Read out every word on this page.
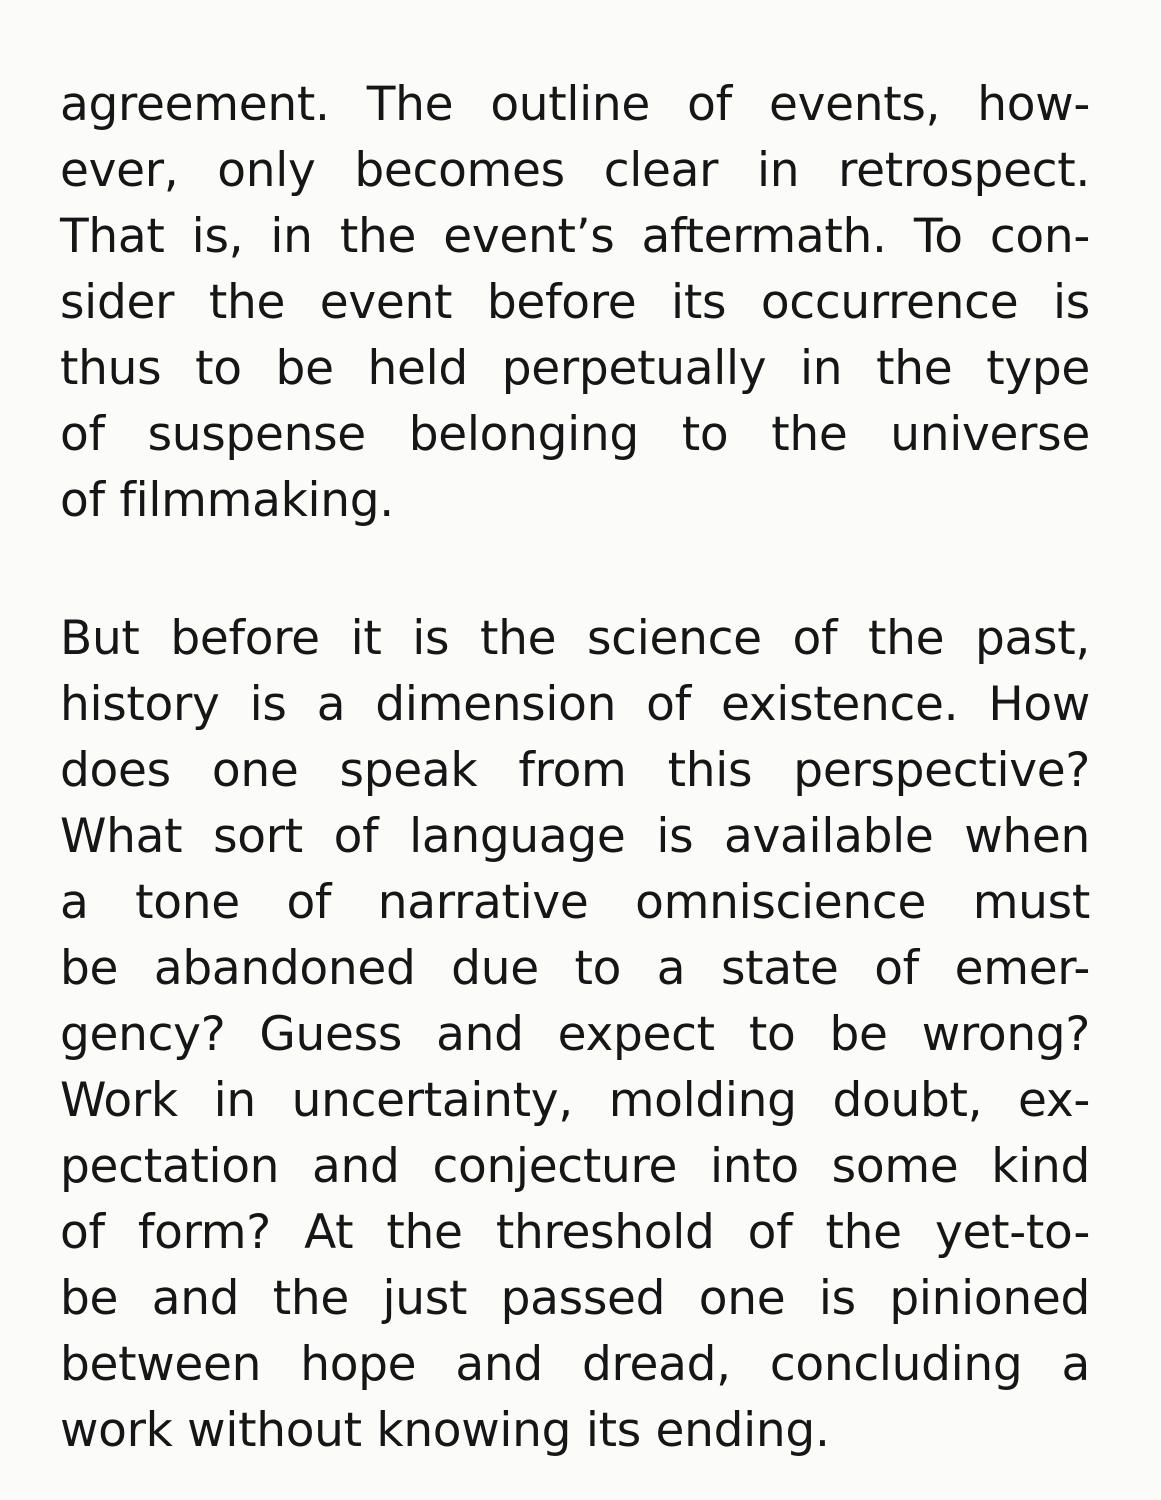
agreement. The outline of events, how-
ever, only becomes clear in retrospect.
That is, in the event’s aftermath. To con-
sider the event before its occurrence is
thus to be held perpetually in the type
of suspense belonging to the universe
of filmmaking.
But before it is the science of the past,
history is a dimension of existence. How
does one speak from this perspective?
What sort of language is available when
a tone of narrative omniscience must
be abandoned due to a state of emer-
gency? Guess and expect to be wrong?
Work in uncertainty, molding doubt, ex-
pectation and conjecture into some kind
of form? At the threshold of the yet-to-
be and the just passed one is pinioned
between hope and dread, concluding a
work without knowing its ending.
